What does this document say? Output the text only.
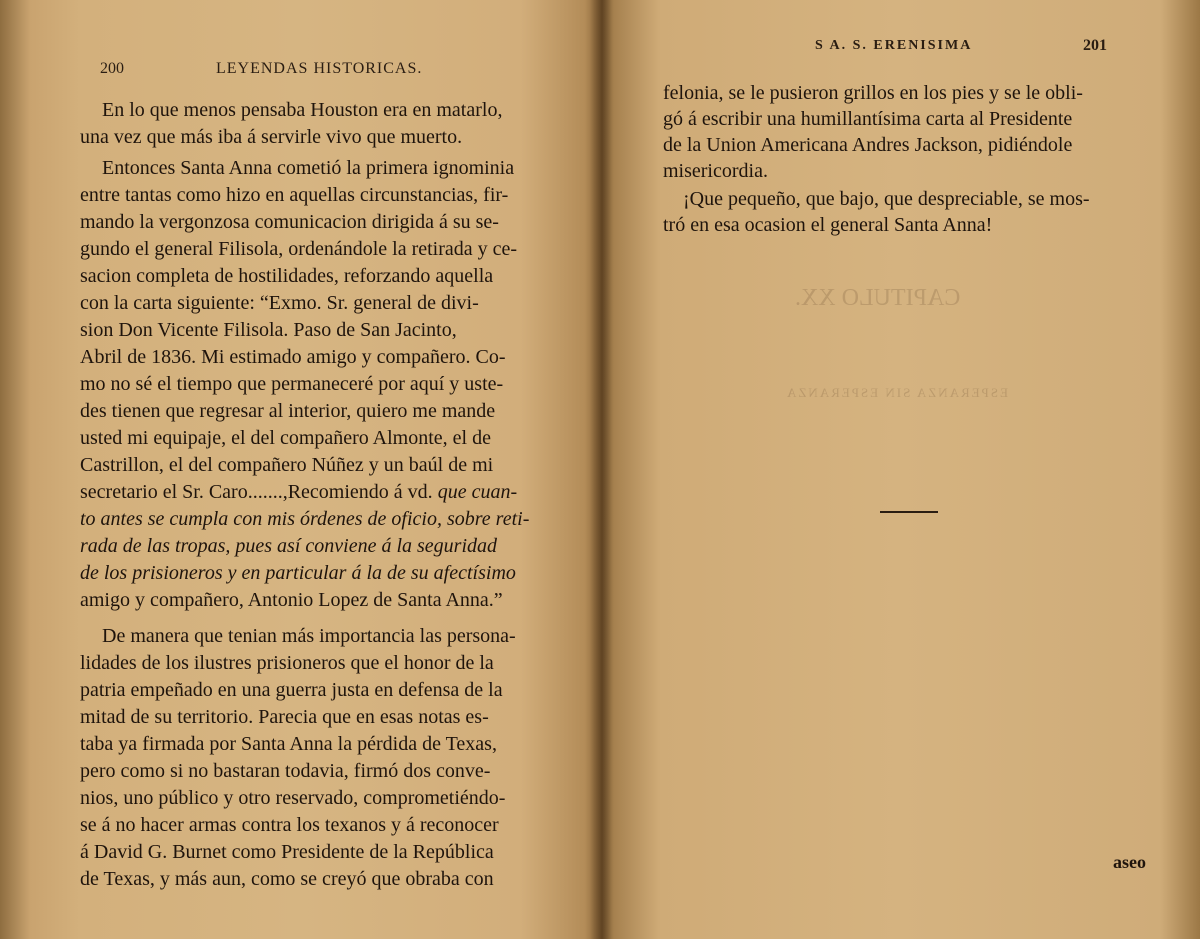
200	LEYENDAS HISTORICAS.
En lo que menos pensaba Houston era en matarlo,
una vez que más iba á servirle vivo que muerto.
Entonces Santa Anna cometió la primera ignominia
entre tantas como hizo en aquellas circunstancias, fir-
mando la vergonzosa comunicacion dirigida á su se-
gundo el general Filisola, ordenándole la retirada y ce-
sacion completa de hostilidades, reforzando aquella
con la carta siguiente: “Exmo. Sr. general de divi-
sion Don Vicente Filisola. Paso de San Jacinto,
Abril de 1836. Mi estimado amigo y compañero. Co-
mo no sé el tiempo que permaneceré por aquí y uste-
des tienen que regresar al interior, quiero me mande
usted mi equipaje, el del compañero Almonte, el de
Castrillon, el del compañero Núñez y un baúl de mi
secretario el Sr. Caro.......,Recomiendo á vd. que cuan-
to antes se cumpla con mis órdenes de oficio, sobre reti-
rada de las tropas, pues así conviene á la seguridad
de los prisioneros y en particular á la de su afectísimo
amigo y compañero, Antonio Lopez de Santa Anna.”
De manera que tenian más importancia las persona-
lidades de los ilustres prisioneros que el honor de la
patria empeñado en una guerra justa en defensa de la
mitad de su territorio. Parecia que en esas notas es-
taba ya firmada por Santa Anna la pérdida de Texas,
pero como si no bastaran todavia, firmó dos conve-
nios, uno público y otro reservado, comprometiéndo-
se á no hacer armas contra los texanos y á reconocer
á David G. Burnet como Presidente de la República
de Texas, y más aun, como se creyó que obraba con
S A. S. ERENISIMA	201
felonia, se le pusieron grillos en los pies y se le obli-
gó á escribir una humillantísima carta al Presidente
de la Union Americana Andres Jackson, pidiéndole
misericordia.
¡Que pequeño, que bajo, que despreciable, se mos-
tró en esa ocasion el general Santa Anna!
CAPITULO XX.
ESPERANZA SIN ESPERANZA
aseo
